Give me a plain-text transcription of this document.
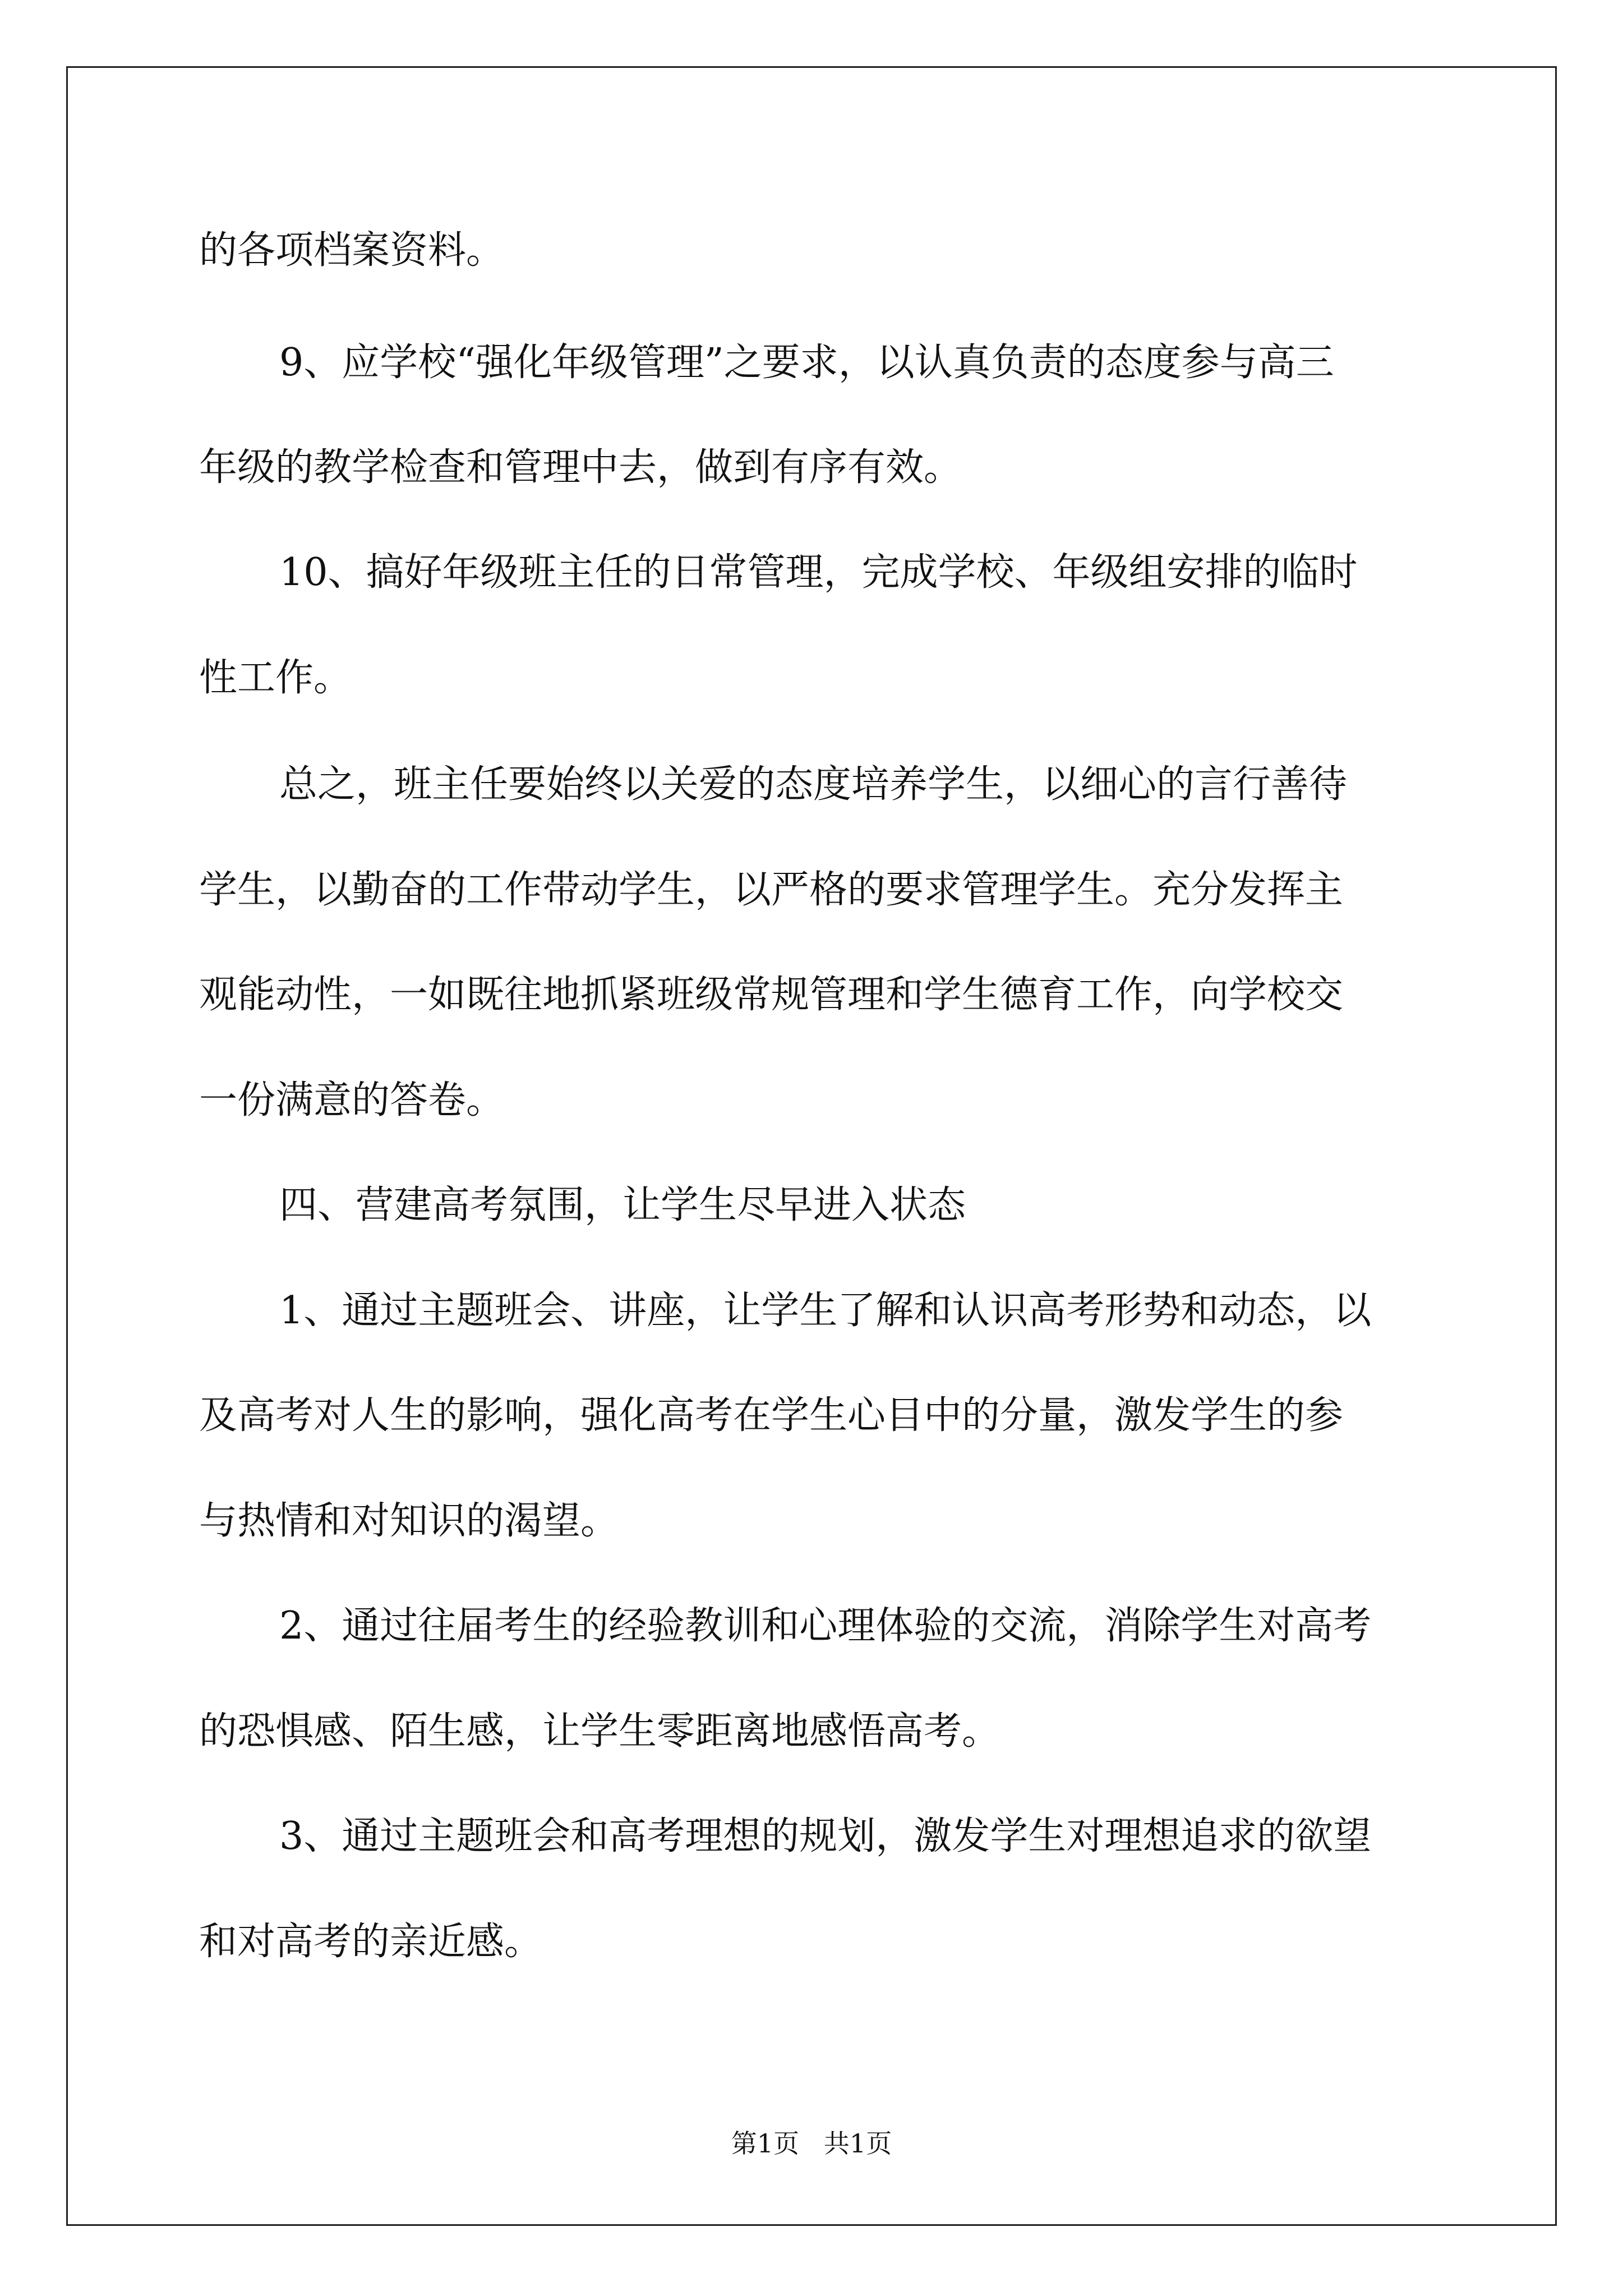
的各项档案资料。

9、应学校“强化年级管理”之要求，以认真负责的态度参与高三

年级的教学检查和管理中去，做到有序有效。

10、搞好年级班主任的日常管理，完成学校、年级组安排的临时

性工作。

总之，班主任要始终以关爱的态度培养学生，以细心的言行善待

学生，以勤奋的工作带动学生，以严格的要求管理学生。充分发挥主

观能动性，一如既往地抓紧班级常规管理和学生德育工作，向学校交

一份满意的答卷。

四、营建高考氛围，让学生尽早进入状态

1、通过主题班会、讲座，让学生了解和认识高考形势和动态，以

及高考对人生的影响，强化高考在学生心目中的分量，激发学生的参

与热情和对知识的渴望。

2、通过往届考生的经验教训和心理体验的交流，消除学生对高考

的恐惧感、陌生感，让学生零距离地感悟高考。

3、通过主题班会和高考理想的规划，激发学生对理想追求的欲望

和对高考的亲近感。

第1页   共1页
